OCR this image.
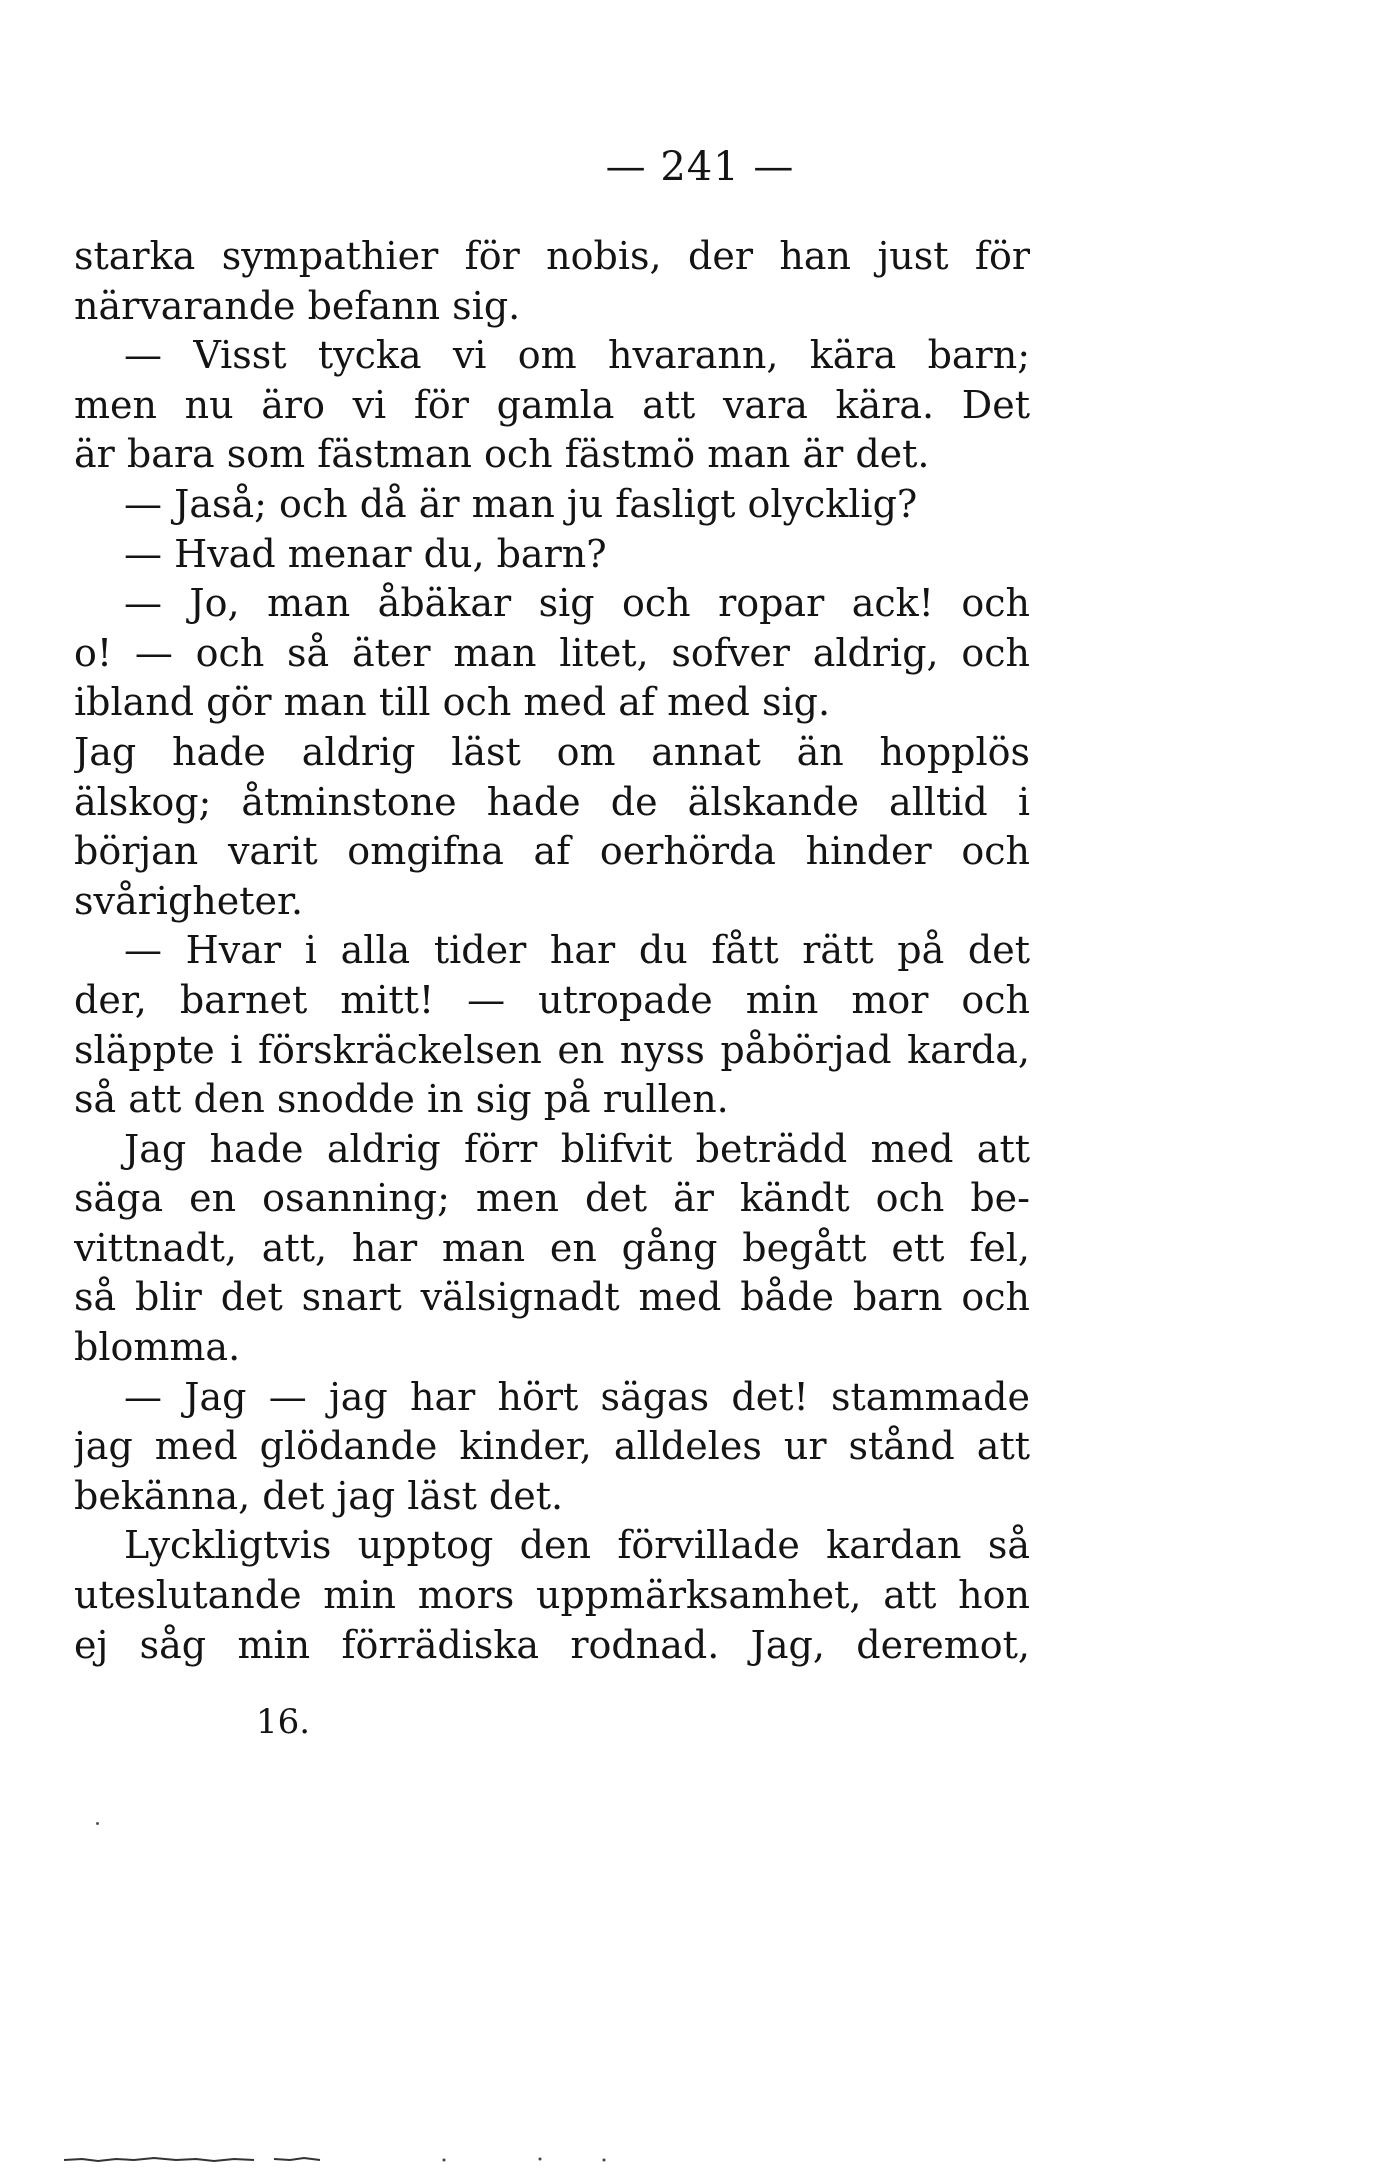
— 241 —
starka sympathier för nobis, der han just för
närvarande befann sig.
— Visst tycka vi om hvarann, kära barn;
men nu äro vi för gamla att vara kära. Det
är bara som fästman och fästmö man är det.
— Jaså; och då är man ju fasligt olycklig?
— Hvad menar du, barn?
— Jo, man åbäkar sig och ropar ack! och
o! — och så äter man litet, sofver aldrig, och
ibland gör man till och med af med sig.
Jag hade aldrig läst om annat än hopplös
älskog; åtminstone hade de älskande alltid i
början varit omgifna af oerhörda hinder och
svårigheter.
— Hvar i alla tider har du fått rätt på det
der, barnet mitt! — utropade min mor och
släppte i förskräckelsen en nyss påbörjad karda,
så att den snodde in sig på rullen.
Jag hade aldrig förr blifvit beträdd med att
säga en osanning; men det är kändt och be-
vittnadt, att, har man en gång begått ett fel,
så blir det snart välsignadt med både barn och
blomma.
— Jag — jag har hört sägas det! stammade
jag med glödande kinder, alldeles ur stånd att
bekänna, det jag läst det.
Lyckligtvis upptog den förvillade kardan så
uteslutande min mors uppmärksamhet, att hon
ej såg min förrädiska rodnad. Jag, deremot,
16.
